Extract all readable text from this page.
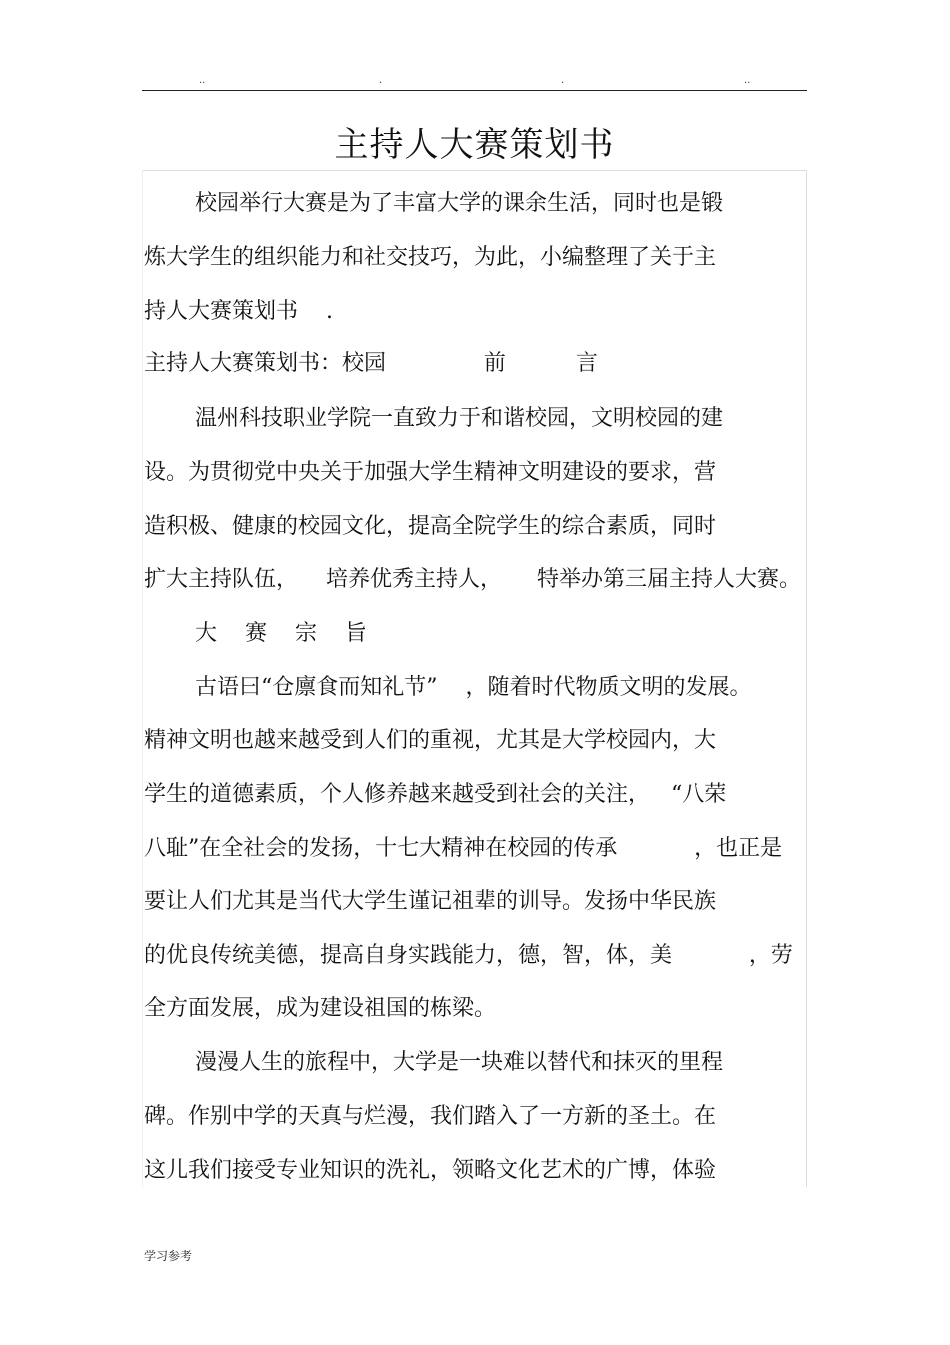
..	.	.	..
主持人大赛策划书

校园举行大赛是为了丰富大学的课余生活，同时也是锻

炼大学生的组织能力和社交技巧，为此，小编整理了关于主

持人大赛策划书    .

主持人大赛策划书：校园              前          言

温州科技职业学院一直致力于和谐校园，文明校园的建

设。为贯彻党中央关于加强大学生精神文明建设的要求，营

造积极、健康的校园文化，提高全院学生的综合素质，同时

扩大主持队伍，    培养优秀主持人，     特举办第三届主持人大赛。

大    赛    宗    旨

古语曰“仓廪食而知礼节”    ，随着时代物质文明的发展。

精神文明也越来越受到人们的重视，尤其是大学校园内，大

学生的道德素质，个人修养越来越受到社会的关注，   “八荣

八耻”在全社会的发扬，十七大精神在校园的传承           ，也正是

要让人们尤其是当代大学生谨记祖辈的训导。发扬中华民族

的优良传统美德，提高自身实践能力，德，智，体，美           ，劳

全方面发展，成为建设祖国的栋梁。

漫漫人生的旅程中，大学是一块难以替代和抹灭的里程

碑。作别中学的天真与烂漫，我们踏入了一方新的圣土。在

这儿我们接受专业知识的洗礼，领略文化艺术的广博，体验

学习参考
